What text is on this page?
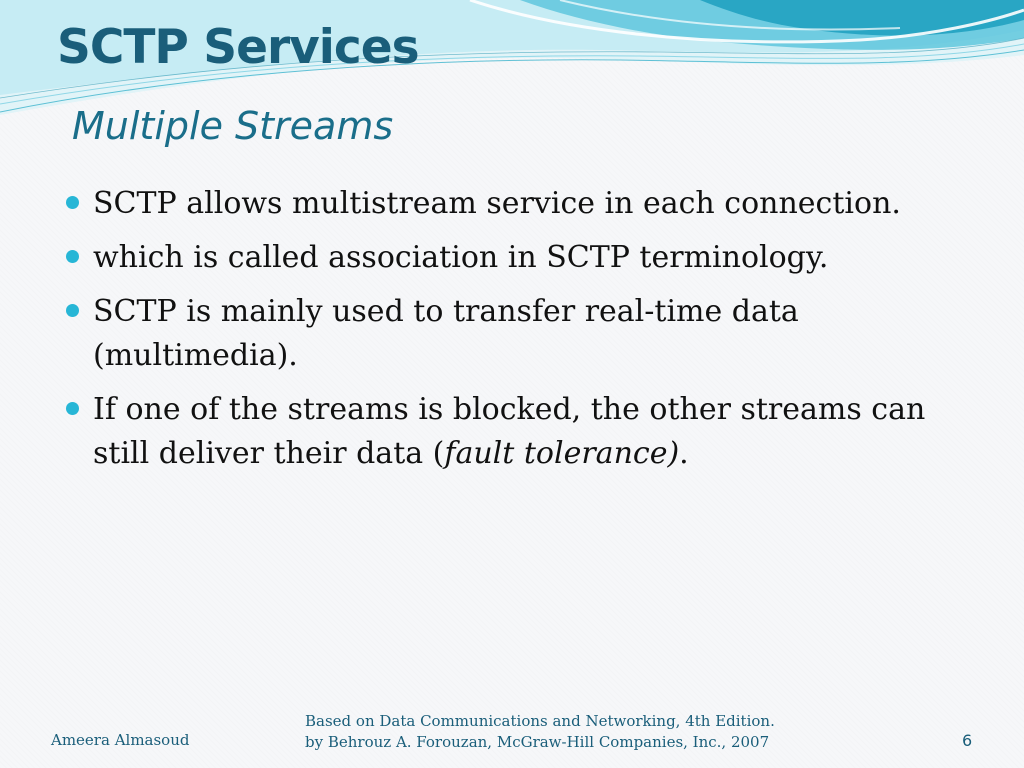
SCTP Services
Multiple Streams
SCTP allows multistream service in each connection.
which is called association in SCTP terminology.
SCTP is mainly used to transfer real-time data (multimedia).
If one of the streams is blocked, the other streams can still deliver their data (fault tolerance).
Ameera Almasoud
Based on Data Communications and Networking, 4th Edition.
by Behrouz A. Forouzan, McGraw-Hill Companies, Inc., 2007	6
